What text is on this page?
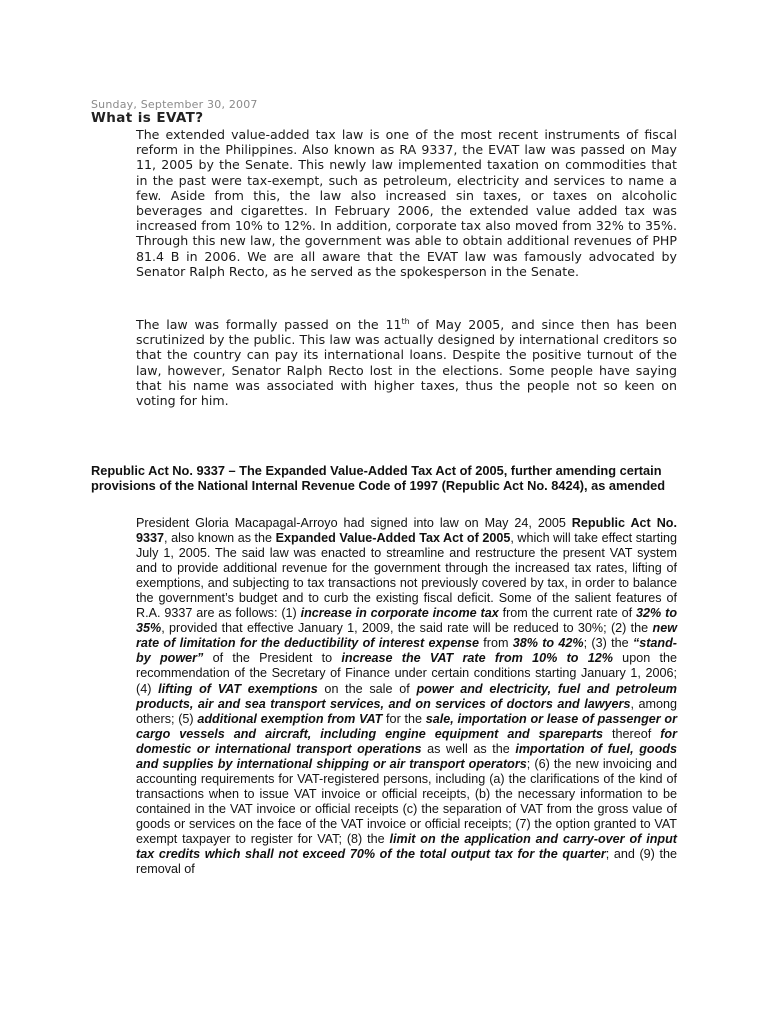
Sunday, September 30, 2007
What is EVAT?

The extended value-added tax law is one of the most recent instruments of fiscal reform in the Philippines. Also known as RA 9337, the EVAT law was passed on May 11, 2005 by the Senate. This newly law implemented taxation on commodities that in the past were tax-exempt, such as petroleum, electricity and services to name a few. Aside from this, the law also increased sin taxes, or taxes on alcoholic beverages and cigarettes. In February 2006, the extended value added tax was increased from 10% to 12%. In addition, corporate tax also moved from 32% to 35%. Through this new law, the government was able to obtain additional revenues of PHP 81.4 B in 2006. We are all aware that the EVAT law was famously advocated by Senator Ralph Recto, as he served as the spokesperson in the Senate.

The law was formally passed on the 11th of May 2005, and since then has been scrutinized by the public. This law was actually designed by international creditors so that the country can pay its international loans. Despite the positive turnout of the law, however, Senator Ralph Recto lost in the elections. Some people have saying that his name was associated with higher taxes, thus the people not so keen on voting for him.

Republic Act No. 9337 – The Expanded Value-Added Tax Act of 2005, further amending certain provisions of the National Internal Revenue Code of 1997 (Republic Act No. 8424), as amended

President Gloria Macapagal-Arroyo had signed into law on May 24, 2005 Republic Act No. 9337, also known as the Expanded Value-Added Tax Act of 2005, which will take effect starting July 1, 2005. The said law was enacted to streamline and restructure the present VAT system and to provide additional revenue for the government through the increased tax rates, lifting of exemptions, and subjecting to tax transactions not previously covered by tax, in order to balance the government’s budget and to curb the existing fiscal deficit. Some of the salient features of R.A. 9337 are as follows: (1) increase in corporate income tax from the current rate of 32% to 35%, provided that effective January 1, 2009, the said rate will be reduced to 30%; (2) the new rate of limitation for the deductibility of interest expense from 38% to 42%; (3) the “stand-by power” of the President to increase the VAT rate from 10% to 12% upon the recommendation of the Secretary of Finance under certain conditions starting January 1, 2006; (4) lifting of VAT exemptions on the sale of power and electricity, fuel and petroleum products, air and sea transport services, and on services of doctors and lawyers, among others; (5) additional exemption from VAT for the sale, importation or lease of passenger or cargo vessels and aircraft, including engine equipment and spareparts thereof for domestic or international transport operations as well as the importation of fuel, goods and supplies by international shipping or air transport operators; (6) the new invoicing and accounting requirements for VAT-registered persons, including (a) the clarifications of the kind of transactions when to issue VAT invoice or official receipts, (b) the necessary information to be contained in the VAT invoice or official receipts (c) the separation of VAT from the gross value of goods or services on the face of the VAT invoice or official receipts; (7) the option granted to VAT exempt taxpayer to register for VAT; (8) the limit on the application and carry-over of input tax credits which shall not exceed 70% of the total output tax for the quarter; and (9) the removal of
